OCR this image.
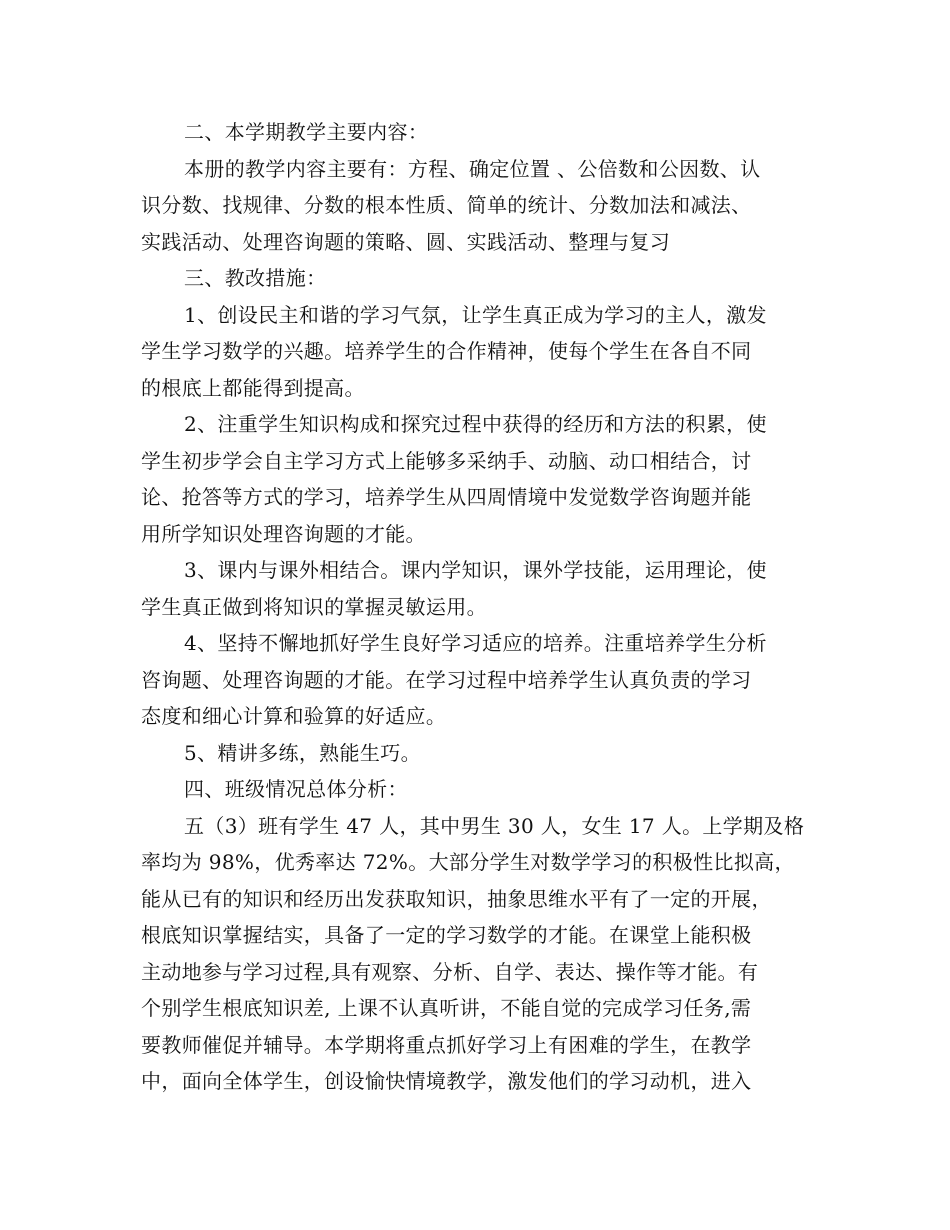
二、本学期教学主要内容：
本册的教学内容主要有：方程、确定位置 、公倍数和公因数、认
识分数、找规律、分数的根本性质、简单的统计、分数加法和减法、
实践活动、处理咨询题的策略、圆、实践活动、整理与复习
三、教改措施：
1、创设民主和谐的学习气氛，让学生真正成为学习的主人，激发
学生学习数学的兴趣。培养学生的合作精神，使每个学生在各自不同
的根底上都能得到提高。
2、注重学生知识构成和探究过程中获得的经历和方法的积累，使
学生初步学会自主学习方式上能够多采纳手、动脑、动口相结合，讨
论、抢答等方式的学习，培养学生从四周情境中发觉数学咨询题并能
用所学知识处理咨询题的才能。
3、课内与课外相结合。课内学知识，课外学技能，运用理论，使
学生真正做到将知识的掌握灵敏运用。
4、坚持不懈地抓好学生良好学习适应的培养。注重培养学生分析
咨询题、处理咨询题的才能。在学习过程中培养学生认真负责的学习
态度和细心计算和验算的好适应。
5、精讲多练，熟能生巧。
四、班级情况总体分析：
五（3）班有学生 47 人，其中男生 30 人，女生 17 人。上学期及格
率均为 98%，优秀率达 72%。大部分学生对数学学习的积极性比拟高，
能从已有的知识和经历出发获取知识，抽象思维水平有了一定的开展，
根底知识掌握结实，具备了一定的学习数学的才能。在课堂上能积极
主动地参与学习过程,具有观察、分析、自学、表达、操作等才能。有
个别学生根底知识差, 上课不认真听讲，不能自觉的完成学习任务,需
要教师催促并辅导。本学期将重点抓好学习上有困难的学生，在教学
中，面向全体学生，创设愉快情境教学，激发他们的学习动机，进入
